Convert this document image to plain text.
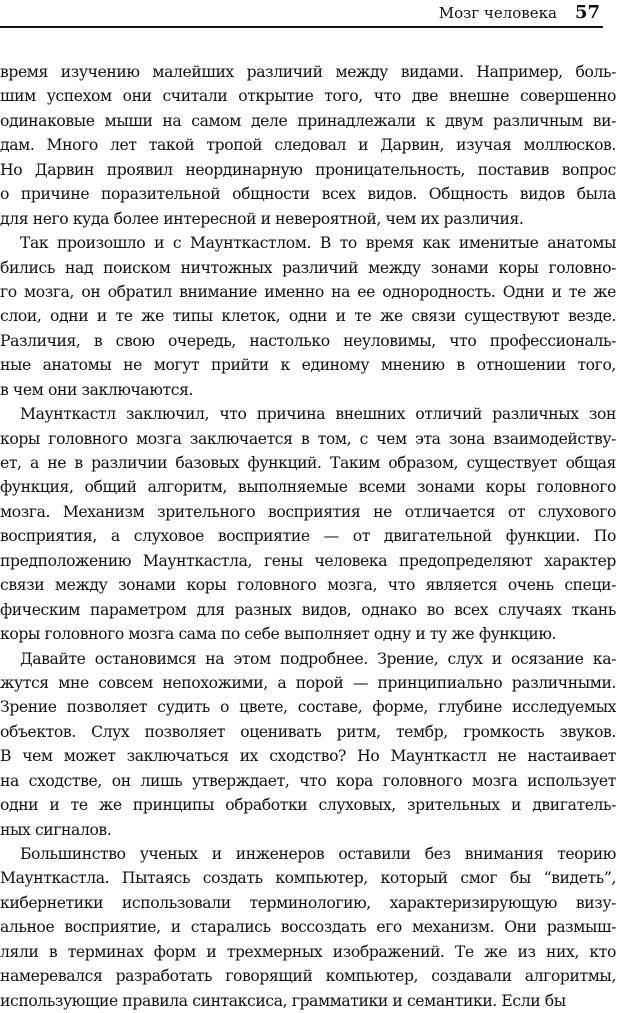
Мозг человека 57

время изучению малейших различий между видами. Например, боль-
шим успехом они считали открытие того, что две внешне совершенно
одинаковые мыши на самом деле принадлежали к двум различным ви-
дам. Много лет такой тропой следовал и Дарвин, изучая моллюсков.
Но Дарвин проявил неординарную проницательность, поставив вопрос
о причине поразительной общности всех видов. Общность видов была
для него куда более интересной и невероятной, чем их различия.

Так произошло и с Маунткастлом. В то время как именитые анатомы
бились над поиском ничтожных различий между зонами коры головно-
го мозга, он обратил внимание именно на ее однородность. Одни и те же
слои, одни и те же типы клеток, одни и те же связи существуют везде.
Различия, в свою очередь, настолько неуловимы, что профессиональ-
ные анатомы не могут прийти к единому мнению в отношении того,
в чем они заключаются.

Маунткастл заключил, что причина внешних отличий различных зон
коры головного мозга заключается в том, с чем эта зона взаимодейству-
ет, а не в различии базовых функций. Таким образом, существует общая
функция, общий алгоритм, выполняемые всеми зонами коры головного
мозга. Механизм зрительного восприятия не отличается от слухового
восприятия, а слуховое восприятие — от двигательной функции. По
предположению Маунткастла, гены человека предопределяют характер
связи между зонами коры головного мозга, что является очень специ-
фическим параметром для разных видов, однако во всех случаях ткань
коры головного мозга сама по себе выполняет одну и ту же функцию.

Давайте остановимся на этом подробнее. Зрение, слух и осязание ка-
жутся мне совсем непохожими, а порой — принципиально различными.
Зрение позволяет судить о цвете, составе, форме, глубине исследуемых
объектов. Слух позволяет оценивать ритм, тембр, громкость звуков.
В чем может заключаться их сходство? Но Маунткастл не настаивает
на сходстве, он лишь утверждает, что кора головного мозга использует
одни и те же принципы обработки слуховых, зрительных и двигатель-
ных сигналов.

Большинство ученых и инженеров оставили без внимания теорию
Маунткастла. Пытаясь создать компьютер, который смог бы “видеть”,
кибернетики использовали терминологию, характеризирующую визу-
альное восприятие, и старались воссоздать его механизм. Они размыш-
ляли в терминах форм и трехмерных изображений. Те же из них, кто
намеревался разработать говорящий компьютер, создавали алгоритмы,
использующие правила синтаксиса, грамматики и семантики. Если бы
